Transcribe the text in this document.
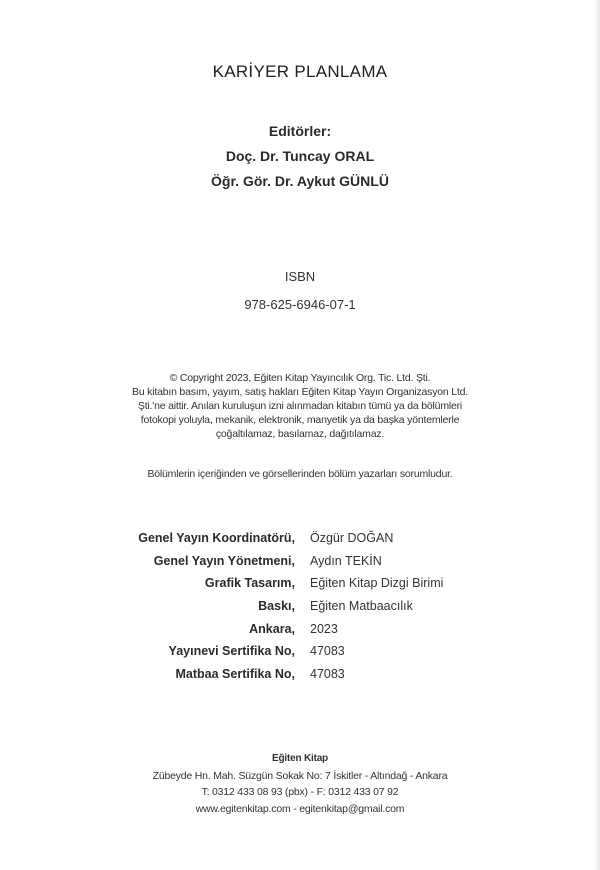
KARİYER PLANLAMA
Editörler:
Doç. Dr. Tuncay ORAL
Öğr. Gör. Dr. Aykut GÜNLÜ
ISBN
978-625-6946-07-1
© Copyright 2023, Eğiten Kitap Yayıncılık Org. Tic. Ltd. Şti.
Bu kitabın basım, yayım, satış hakları Eğiten Kitap Yayın Organizasyon Ltd.
Şti.'ne aittir. Anılan kuruluşun izni alınmadan kitabın tümü ya da bölümleri
fotokopi yoluyla, mekanik, elektronik, manyetik ya da başka yöntemlerle
çoğaltılamaz, basılamaz, dağıtılamaz.
Bölümlerin içeriğinden ve görsellerinden bölüm yazarları sorumludur.
Genel Yayın Koordinatörü, Özgür DOĞAN
Genel Yayın Yönetmeni, Aydın TEKİN
Grafik Tasarım, Eğiten Kitap Dizgi Birimi
Baskı, Eğiten Matbaacılık
Ankara, 2023
Yayınevi Sertifika No, 47083
Matbaa Sertifika No, 47083
Eğiten Kitap
Zübeyde Hn. Mah. Süzgün Sokak No: 7 İskitler - Altındağ - Ankara
T: 0312 433 08 93 (pbx) - F: 0312 433 07 92
www.egitenkitap.com - egitenkitap@gmail.com
